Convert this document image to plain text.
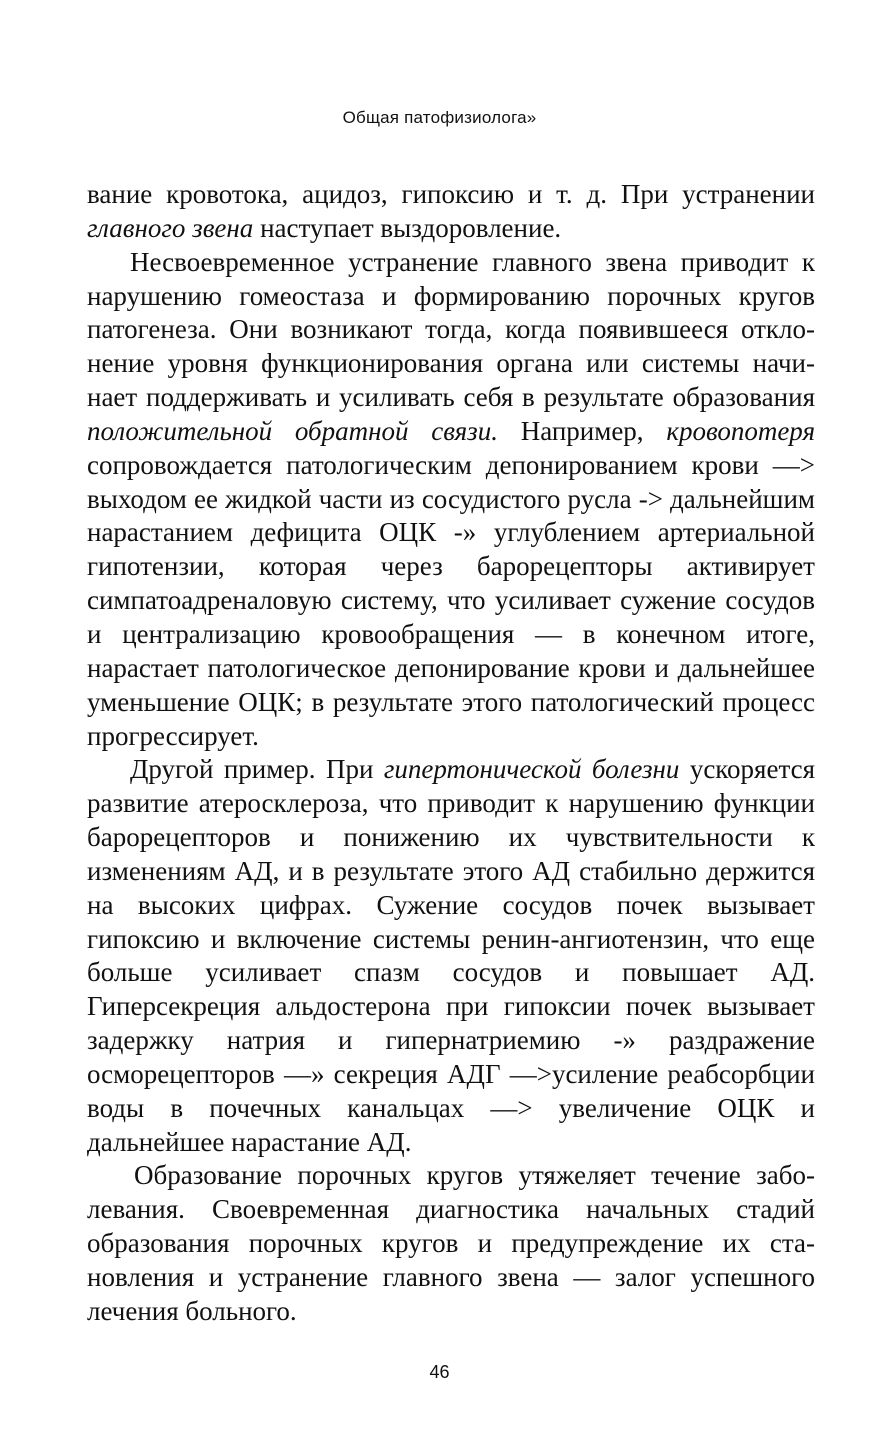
Общая патофизиолога»

вание кровотока, ацидоз, гипоксию и т. д. При устранении главного звена наступает выздоровление.

Несвоевременное устранение главного звена приводит к нарушению гомеостаза и формированию порочных кругов патогенеза. Они возникают тогда, когда появившееся отклонение уровня функционирования органа или системы начинает поддерживать и усиливать себя в результате образования положительной обратной связи. Например, кровопотеря сопровождается патологическим депонированием крови —> выходом ее жидкой части из сосудистого русла -> дальнейшим нарастанием дефицита ОЦК -» углублением артериальной гипотензии, которая через барорецепторы активирует симпатоадреналовую систему, что усиливает сужение сосудов и централизацию кровообращения — в конечном итоге, нарастает патологическое депонирование крови и дальнейшее уменьшение ОЦК; в результате этого патологический процесс прогрессирует.

Другой пример. При гипертонической болезни ускоряется развитие атеросклероза, что приводит к нарушению функции барорецепторов и понижению их чувствительности к изменениям АД, и в результате этого АД стабильно держится на высоких цифрах. Сужение сосудов почек вызывает гипоксию и включение системы ренин-ангиотензин, что еще больше усиливает спазм сосудов и повышает АД. Гиперсекреция альдостерона при гипоксии почек вызывает задержку натрия и гипернатриемию -» раздражение осморецепторов —» секреция АДГ —>усиление реабсорбции воды в почечных канальцах —> увеличение ОЦК и дальнейшее нарастание АД.

Образование порочных кругов утяжеляет течение заболевания. Своевременная диагностика начальных стадий образования порочных кругов и предупреждение их становления и устранение главного звена — залог успешного лечения больного.

46
